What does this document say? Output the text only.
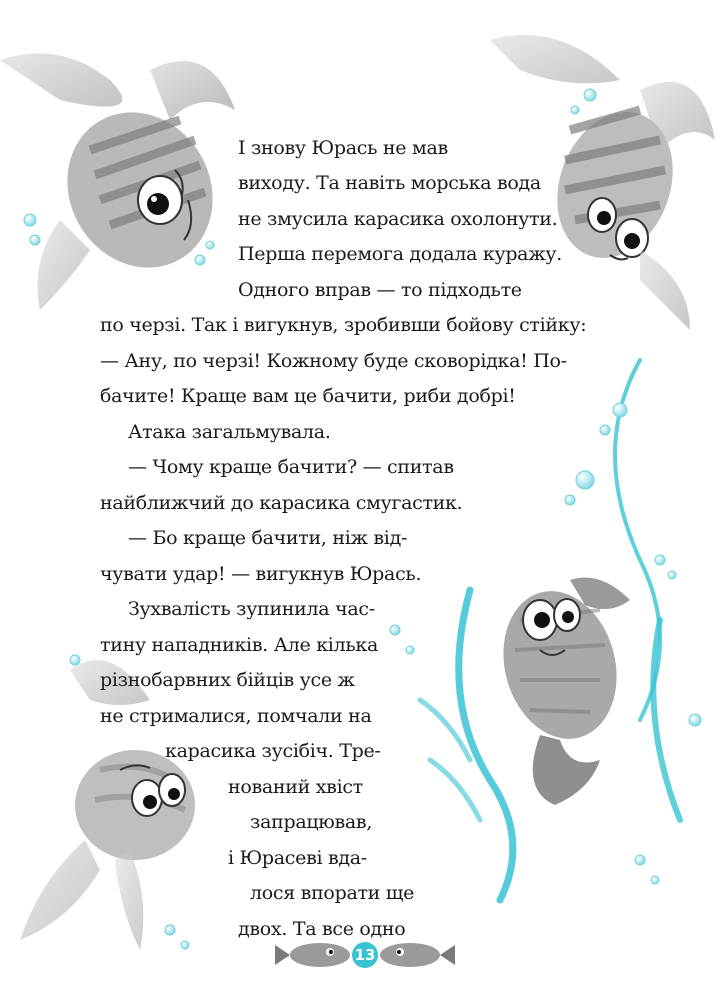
І знову Юрась не мав
виходу. Та навіть морська вода
не змусила карасика охолонути.
Перша перемога додала куражу.
Одного вправ — то підходьте
по черзі. Так і вигукнув, зробивши бойову стійку:
— Ану, по черзі! Кожному буде сковорідка! По-
бачите! Краще вам це бачити, риби добрі!
Атака загальмувала.
— Чому краще бачити? — спитав
найближчий до карасика смугастик.
— Бо краще бачити, ніж від-
чувати удар! — вигукнув Юрась.
Зухвалість зупинила час-
тину нападників. Але кілька
різнобарвних бійців усе ж
не стрималися, помчали на
карасика зусібіч. Тре-
нований хвіст
запрацював,
і Юрасеві вда-
лося впорати ще
двох. Та все одно
13
